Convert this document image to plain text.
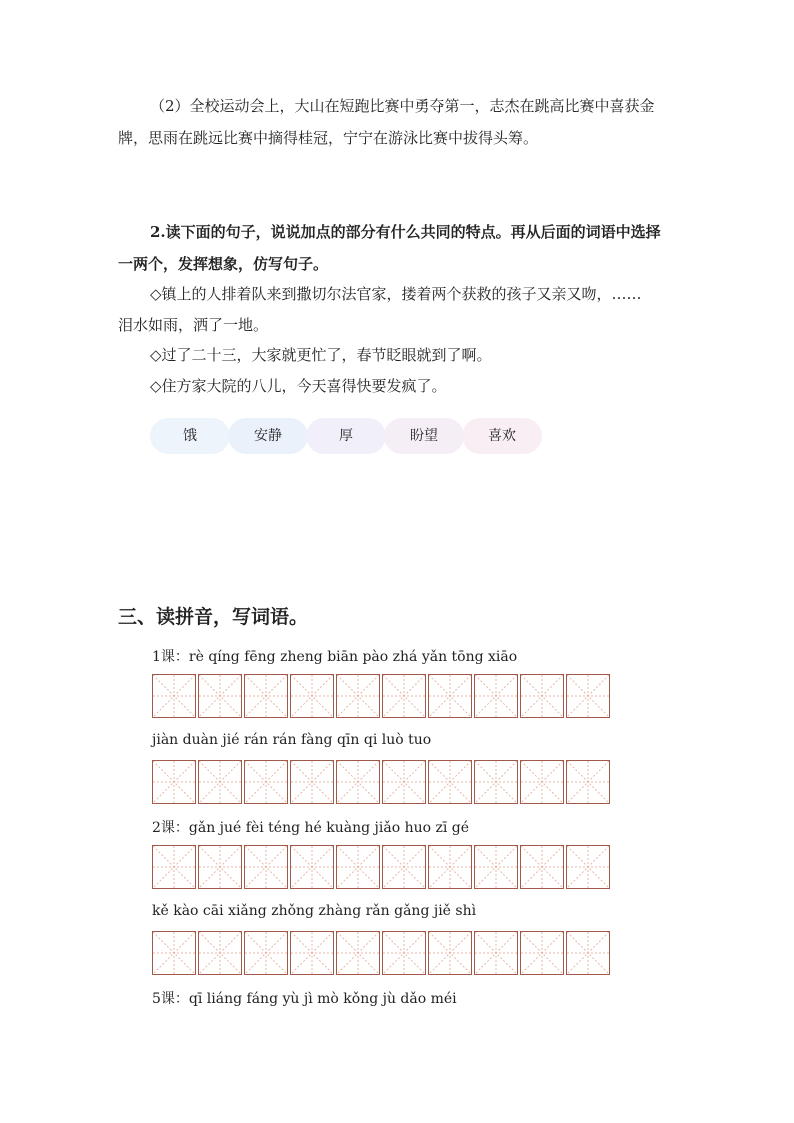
（2）全校运动会上，大山在短跑比赛中勇夺第一，志杰在跳高比赛中喜获金
牌，思雨在跳远比赛中摘得桂冠，宁宁在游泳比赛中拔得头筹。
2.读下面的句子，说说加点的部分有什么共同的特点。再从后面的词语中选择
一两个，发挥想象，仿写句子。
◇镇上的人排着队来到撒切尔法官家，搂着两个获救的孩子又亲又吻，……
泪水如雨，洒了一地。
◇过了二十三，大家就更忙了，春节眨眼就到了啊。
◇住方家大院的八儿，今天喜得快要发疯了。
饿	安静	厚	盼望	喜欢
三、读拼音，写词语。
1课：rè qíng fēng zheng biān pào zhá yǎn tōng xiāo
jiàn duàn jié rán rán fàng qīn qi luò tuo
2课：gǎn jué fèi téng hé kuàng jiǎo huo zī gé
kě kào cāi xiǎng zhǒng zhàng rǎn gǎng jiě shì
5课：qī liáng fáng yù jì mò kǒng jù dǎo méi
